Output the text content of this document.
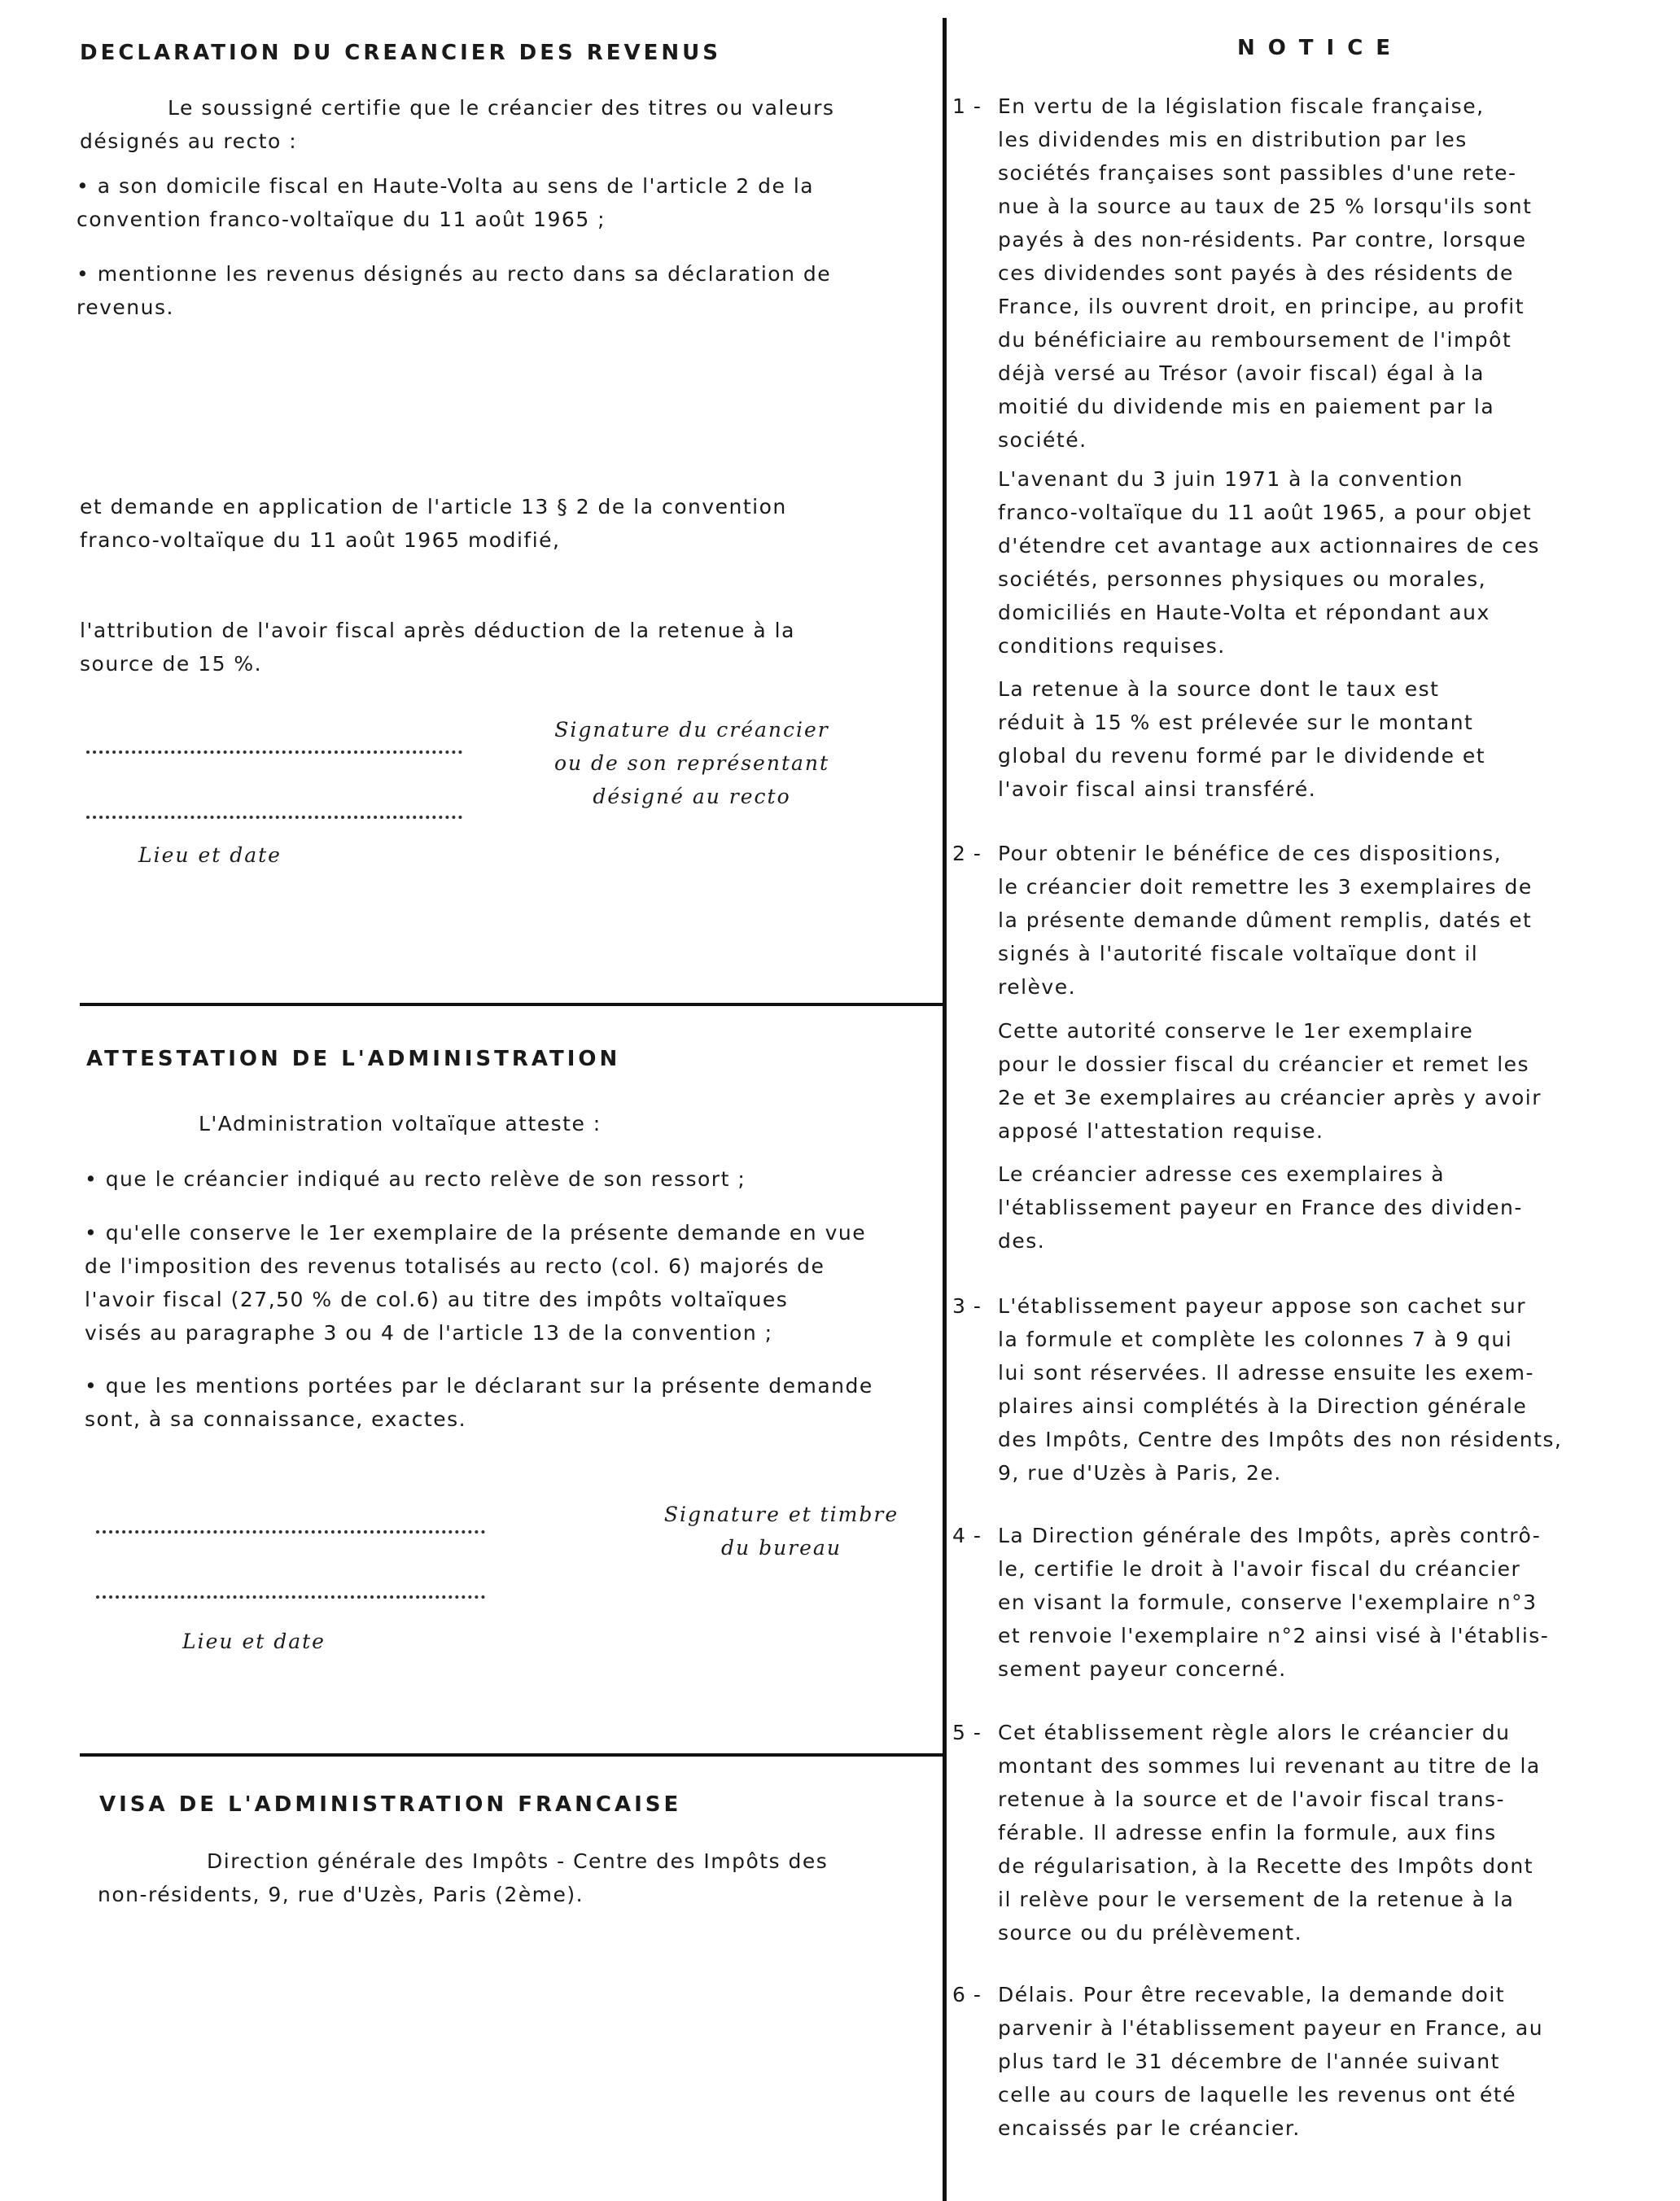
DECLARATION DU CREANCIER DES REVENUS

Le soussigné certifie que le créancier des titres ou valeurs
désignés au recto :

• a son domicile fiscal en Haute-Volta au sens de l'article 2 de la
convention franco-voltaïque du 11 août 1965 ;

• mentionne les revenus désignés au recto dans sa déclaration de
revenus.

et demande en application de l'article 13 § 2 de la convention
franco-voltaïque du 11 août 1965 modifié,

l'attribution de l'avoir fiscal après déduction de la retenue à la
source de 15 %.

Signature du créancier
ou de son représentant
désigné au recto

Lieu et date

ATTESTATION DE L'ADMINISTRATION

L'Administration voltaïque atteste :

• que le créancier indiqué au recto relève de son ressort ;

• qu'elle conserve le 1er exemplaire de la présente demande en vue
de l'imposition des revenus totalisés au recto (col. 6) majorés de
l'avoir fiscal (27,50 % de col.6) au titre des impôts voltaïques
visés au paragraphe 3 ou 4 de l'article 13 de la convention ;

• que les mentions portées par le déclarant sur la présente demande
sont, à sa connaissance, exactes.

Signature et timbre
du bureau

Lieu et date

VISA DE L'ADMINISTRATION FRANCAISE

Direction générale des Impôts - Centre des Impôts des
non-résidents, 9, rue d'Uzès, Paris (2ème).

NOTICE
1 - En vertu de la législation fiscale française,
les dividendes mis en distribution par les
sociétés françaises sont passibles d'une rete-
nue à la source au taux de 25 % lorsqu'ils sont
payés à des non-résidents. Par contre, lorsque
ces dividendes sont payés à des résidents de
France, ils ouvrent droit, en principe, au profit
du bénéficiaire au remboursement de l'impôt
déjà versé au Trésor (avoir fiscal) égal à la
moitié du dividende mis en paiement par la
société.

L'avenant du 3 juin 1971 à la convention
franco-voltaïque du 11 août 1965, a pour objet
d'étendre cet avantage aux actionnaires de ces
sociétés, personnes physiques ou morales,
domiciliés en Haute-Volta et répondant aux
conditions requises.

La retenue à la source dont le taux est
réduit à 15 % est prélevée sur le montant
global du revenu formé par le dividende et
l'avoir fiscal ainsi transféré.

2 - Pour obtenir le bénéfice de ces dispositions,
le créancier doit remettre les 3 exemplaires de
la présente demande dûment remplis, datés et
signés à l'autorité fiscale voltaïque dont il
relève.

Cette autorité conserve le 1er exemplaire
pour le dossier fiscal du créancier et remet les
2e et 3e exemplaires au créancier après y avoir
apposé l'attestation requise.

Le créancier adresse ces exemplaires à
l'établissement payeur en France des dividen-
des.

3 - L'établissement payeur appose son cachet sur
la formule et complète les colonnes 7 à 9 qui
lui sont réservées. Il adresse ensuite les exem-
plaires ainsi complétés à la Direction générale
des Impôts, Centre des Impôts des non résidents,
9, rue d'Uzès à Paris, 2e.

4 - La Direction générale des Impôts, après contrô-
le, certifie le droit à l'avoir fiscal du créancier
en visant la formule, conserve l'exemplaire n°3
et renvoie l'exemplaire n°2 ainsi visé à l'établis-
sement payeur concerné.

5 - Cet établissement règle alors le créancier du
montant des sommes lui revenant au titre de la
retenue à la source et de l'avoir fiscal trans-
férable. Il adresse enfin la formule, aux fins
de régularisation, à la Recette des Impôts dont
il relève pour le versement de la retenue à la
source ou du prélèvement.

6 - Délais. Pour être recevable, la demande doit
parvenir à l'établissement payeur en France, au
plus tard le 31 décembre de l'année suivant
celle au cours de laquelle les revenus ont été
encaissés par le créancier.
